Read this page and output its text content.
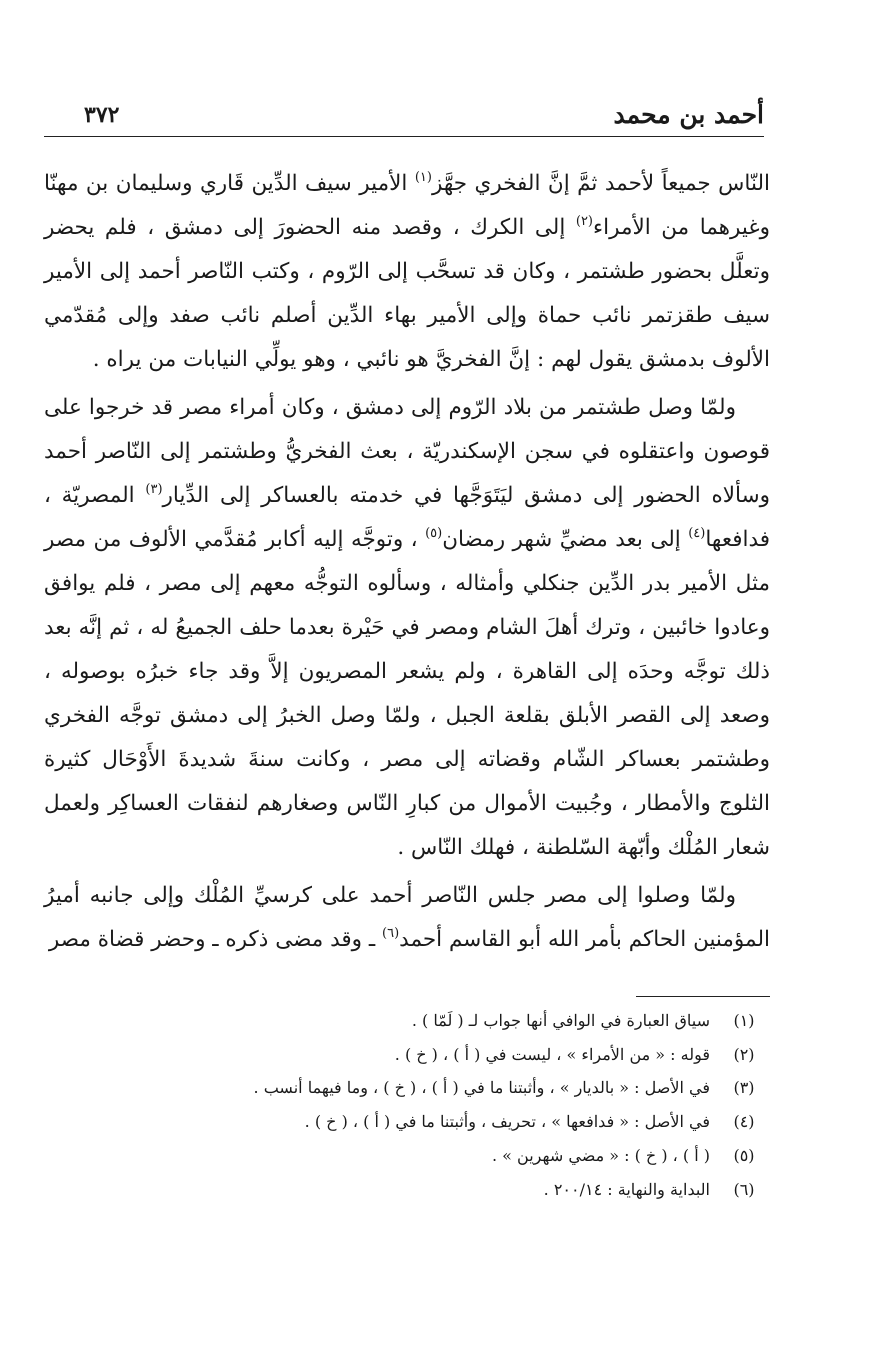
أحمد بن محمد
٣٧٢

النّاس جميعاً لأحمد ثمَّ إنَّ الفخري جهَّز$^{(١)}$ الأمير سيف الدِّين قَاري وسليمان بن مهنّا وغيرهما من الأمراء$^{(٢)}$ إلى الكرك ، وقصد منه الحضورَ إلى دمشق ، فلم يحضر وتعلَّل بحضور طشتمر ، وكان قد تسحَّب إلى الرّوم ، وكتب النّاصر أحمد إلى الأمير سيف طقزتمر نائب حماة وإلى الأمير بهاء الدِّين أصلم نائب صفد وإلى مُقدّمي الألوف بدمشق يقول لهم : إنَّ الفخريَّ هو نائبي ، وهو يولِّي النيابات من يراه .

ولمّا وصل طشتمر من بلاد الرّوم إلى دمشق ، وكان أمراء مصر قد خرجوا على قوصون واعتقلوه في سجن الإسكندريّة ، بعث الفخريُّ وطشتمر إلى النّاصر أحمد وسألاه الحضور إلى دمشق ليَتَوَجَّها في خدمته بالعساكر إلى الدِّيار$^{(٣)}$ المصريّة ، فدافعها$^{(٤)}$ إلى بعد مضيِّ شهر رمضان$^{(٥)}$ ، وتوجَّه إليه أكابر مُقدَّمي الألوف من مصر مثل الأمير بدر الدِّين جنكلي وأمثاله ، وسألوه التوجُّه معهم إلى مصر ، فلم يوافق وعادوا خائبين ، وترك أهلَ الشام ومصر في حَيْرة بعدما حلف الجميعُ له ، ثم إنَّه بعد ذلك توجَّه وحدَه إلى القاهرة ، ولم يشعر المصريون إلاَّ وقد جاء خبرُه بوصوله ، وصعد إلى القصر الأبلق بقلعة الجبل ، ولمّا وصل الخبرُ إلى دمشق توجَّه الفخري وطشتمر بعساكر الشّام وقضاته إلى مصر ، وكانت سنةَ شديدةَ الأَوْحَال كثيرة الثلوج والأمطار ، وجُبيت الأموال من كبارِ النّاس وصغارهم لنفقات العساكِر ولعمل شعار المُلْك وأبّهة السّلطنة ، فهلك النّاس .

ولمّا وصلوا إلى مصر جلس النّاصر أحمد على كرسيِّ المُلْك وإلى جانبه أميرُ المؤمنين الحاكم بأمر الله أبو القاسم أحمد$^{(٦)}$ ـ وقد مضى ذكره ـ وحضر قضاة مصر

(١)
سياق العبارة في الوافي أنها جواب لـ ( لَمّا ) .
(٢)
قوله : « من الأمراء » ، ليست في ( أ ) ، ( خ ) .
(٣)
في الأصل : « بالديار » ، وأثبتنا ما في ( أ ) ، ( خ ) ، وما فيهما أنسب .
(٤)
في الأصل : « فدافعها » ، تحريف ، وأثبتنا ما في ( أ ) ، ( خ ) .
(٥)
( أ ) ، ( خ ) : « مضي شهرين » .
(٦)
البداية والنهاية : ٢٠٠/١٤ .
